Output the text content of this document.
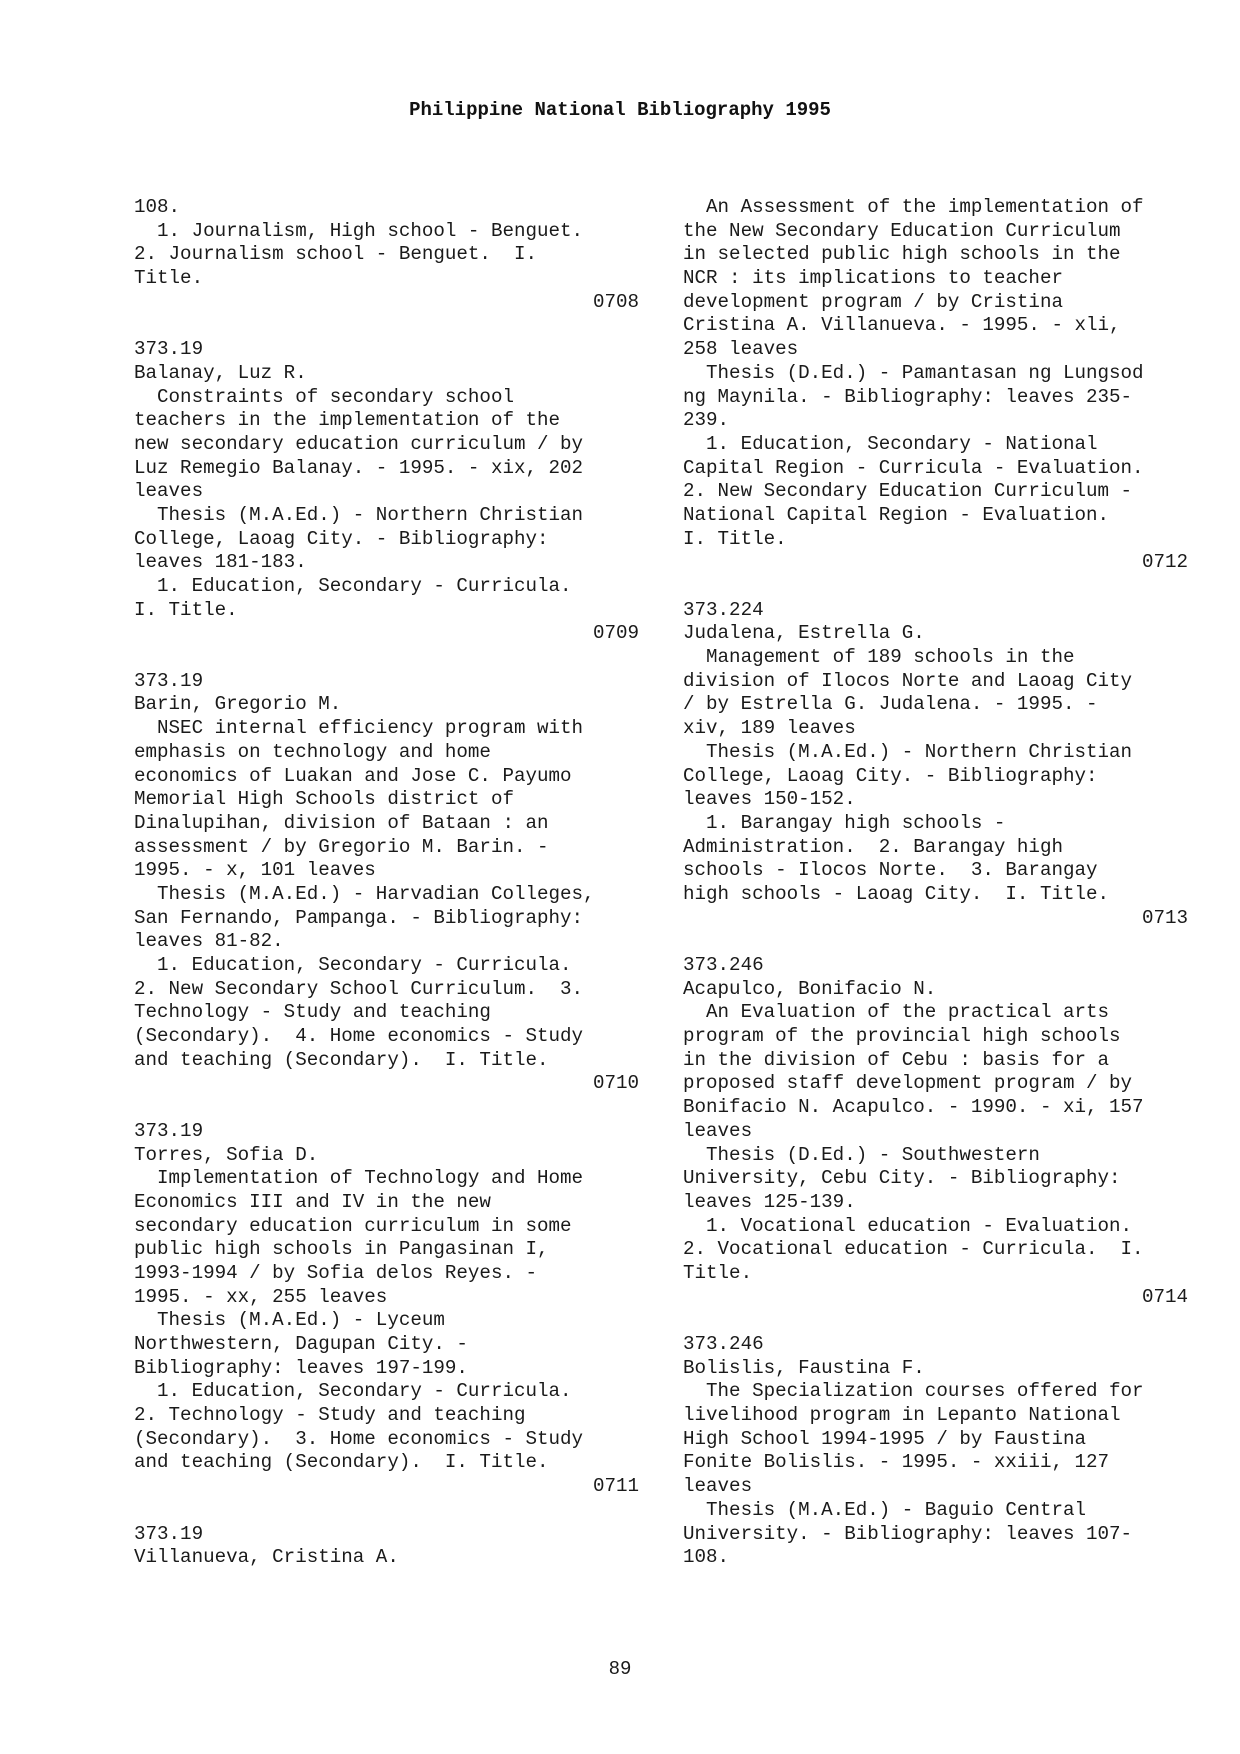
Philippine National Bibliography 1995
108.
1. Journalism, High school - Benguet.
2. Journalism school - Benguet.  I.
Title.
0708
373.19
Balanay, Luz R.
Constraints of secondary school
teachers in the implementation of the
new secondary education curriculum / by
Luz Remegio Balanay. - 1995. - xix, 202
leaves
Thesis (M.A.Ed.) - Northern Christian
College, Laoag City. - Bibliography:
leaves 181-183.
1. Education, Secondary - Curricula.
I. Title.
0709
373.19
Barin, Gregorio M.
NSEC internal efficiency program with
emphasis on technology and home
economics of Luakan and Jose C. Payumo
Memorial High Schools district of
Dinalupihan, division of Bataan : an
assessment / by Gregorio M. Barin. -
1995. - x, 101 leaves
Thesis (M.A.Ed.) - Harvadian Colleges,
San Fernando, Pampanga. - Bibliography:
leaves 81-82.
1. Education, Secondary - Curricula.
2. New Secondary School Curriculum.  3.
Technology - Study and teaching
(Secondary).  4. Home economics - Study
and teaching (Secondary).  I. Title.
0710
373.19
Torres, Sofia D.
Implementation of Technology and Home
Economics III and IV in the new
secondary education curriculum in some
public high schools in Pangasinan I,
1993-1994 / by Sofia delos Reyes. -
1995. - xx, 255 leaves
Thesis (M.A.Ed.) - Lyceum
Northwestern, Dagupan City. -
Bibliography: leaves 197-199.
1. Education, Secondary - Curricula.
2. Technology - Study and teaching
(Secondary).  3. Home economics - Study
and teaching (Secondary).  I. Title.
0711
373.19
Villanueva, Cristina A.
An Assessment of the implementation of
the New Secondary Education Curriculum
in selected public high schools in the
NCR : its implications to teacher
development program / by Cristina
Cristina A. Villanueva. - 1995. - xli,
258 leaves
Thesis (D.Ed.) - Pamantasan ng Lungsod
ng Maynila. - Bibliography: leaves 235-
239.
1. Education, Secondary - National
Capital Region - Curricula - Evaluation.
2. New Secondary Education Curriculum -
National Capital Region - Evaluation.
I. Title.
0712
373.224
Judalena, Estrella G.
Management of 189 schools in the
division of Ilocos Norte and Laoag City
/ by Estrella G. Judalena. - 1995. -
xiv, 189 leaves
Thesis (M.A.Ed.) - Northern Christian
College, Laoag City. - Bibliography:
leaves 150-152.
1. Barangay high schools -
Administration.  2. Barangay high
schools - Ilocos Norte.  3. Barangay
high schools - Laoag City.  I. Title.
0713
373.246
Acapulco, Bonifacio N.
An Evaluation of the practical arts
program of the provincial high schools
in the division of Cebu : basis for a
proposed staff development program / by
Bonifacio N. Acapulco. - 1990. - xi, 157
leaves
Thesis (D.Ed.) - Southwestern
University, Cebu City. - Bibliography:
leaves 125-139.
1. Vocational education - Evaluation.
2. Vocational education - Curricula.  I.
Title.
0714
373.246
Bolislis, Faustina F.
The Specialization courses offered for
livelihood program in Lepanto National
High School 1994-1995 / by Faustina
Fonite Bolislis. - 1995. - xxiii, 127
leaves
Thesis (M.A.Ed.) - Baguio Central
University. - Bibliography: leaves 107-
108.
89
